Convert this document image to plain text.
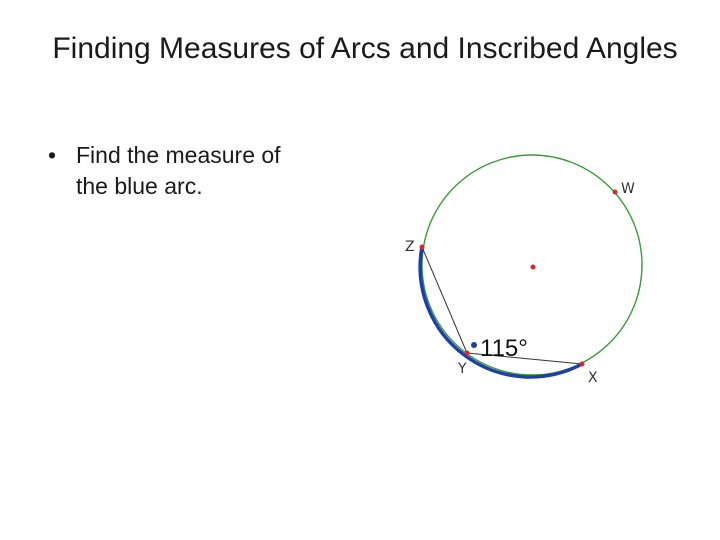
Finding Measures of Arcs and Inscribed Angles
• Find the measure of
the blue arc.	W
Z
Y
X
115°
